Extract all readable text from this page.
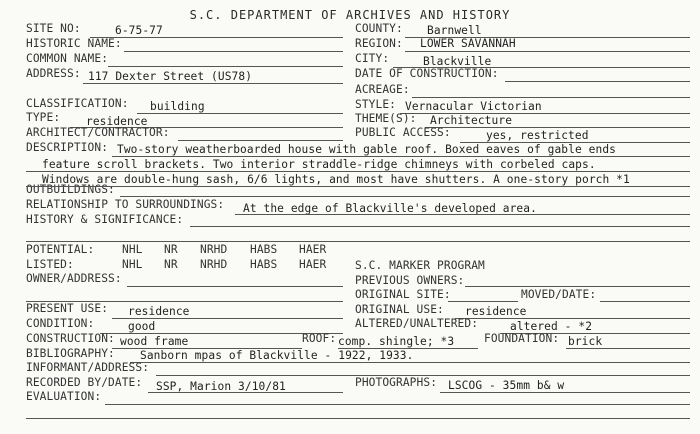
S.C. DEPARTMENT OF ARCHIVES AND HISTORY
SITE NO:	6-75-77	COUNTY: Barnwell
HISTORIC NAME:	REGION: LOWER SAVANNAH
COMMON NAME:	CITY:	Blackville
ADDRESS: 117 Dexter Street (US78)	DATE OF CONSTRUCTION:
ACREAGE:
CLASSIFICATION: building	STYLE: Vernacular Victorian
TYPE: residence	THEME(S): Architecture
ARCHITECT/CONTRACTOR:	PUBLIC ACCESS:	yes, restricted
DESCRIPTION: Two-story weatherboarded house with gable roof. Boxed eaves of gable ends
feature scroll brackets. Two interior straddle-ridge chimneys with corbeled caps.
Windows are double-hung sash, 6/6 lights, and most have shutters. A one-story porch *1
OUTBUILDINGS:
RELATIONSHIP TO SURROUNDINGS: At the edge of Blackville's developed area.
HISTORY & SIGNIFICANCE:
POTENTIAL: NHL NR NRHD HABS HAER
LISTED:	NHL NR NRHD HABS HAER	S.C. MARKER PROGRAM
OWNER/ADDRESS:	PREVIOUS OWNERS:
ORIGINAL SITE:	MOVED/DATE:
PRESENT USE: residence	ORIGINAL USE: residence
CONDITION:	good	ALTERED/UNALTERED:	altered - *2
CONSTRUCTION: wood frame	ROOF: comp. shingle; *3	FOUNDATION: brick
BIBLIOGRAPHY: Sanborn mpas of Blackville - 1922, 1933.
INFORMANT/ADDRESS:
RECORDED BY/DATE: SSP, Marion 3/10/81	PHOTOGRAPHS: LSCOG - 35mm b& w
EVALUATION:
